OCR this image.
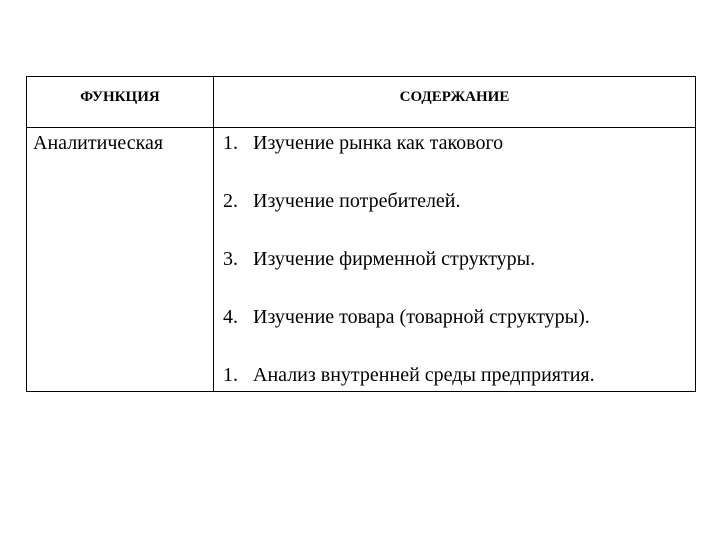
ФУНКЦИЯ	СОДЕРЖАНИЕ
Аналитическая	1. Изучение рынка как такового
2. Изучение потребителей.
3. Изучение фирменной структуры.
4. Изучение товара (товарной структуры).
1. Анализ внутренней среды предприятия.
